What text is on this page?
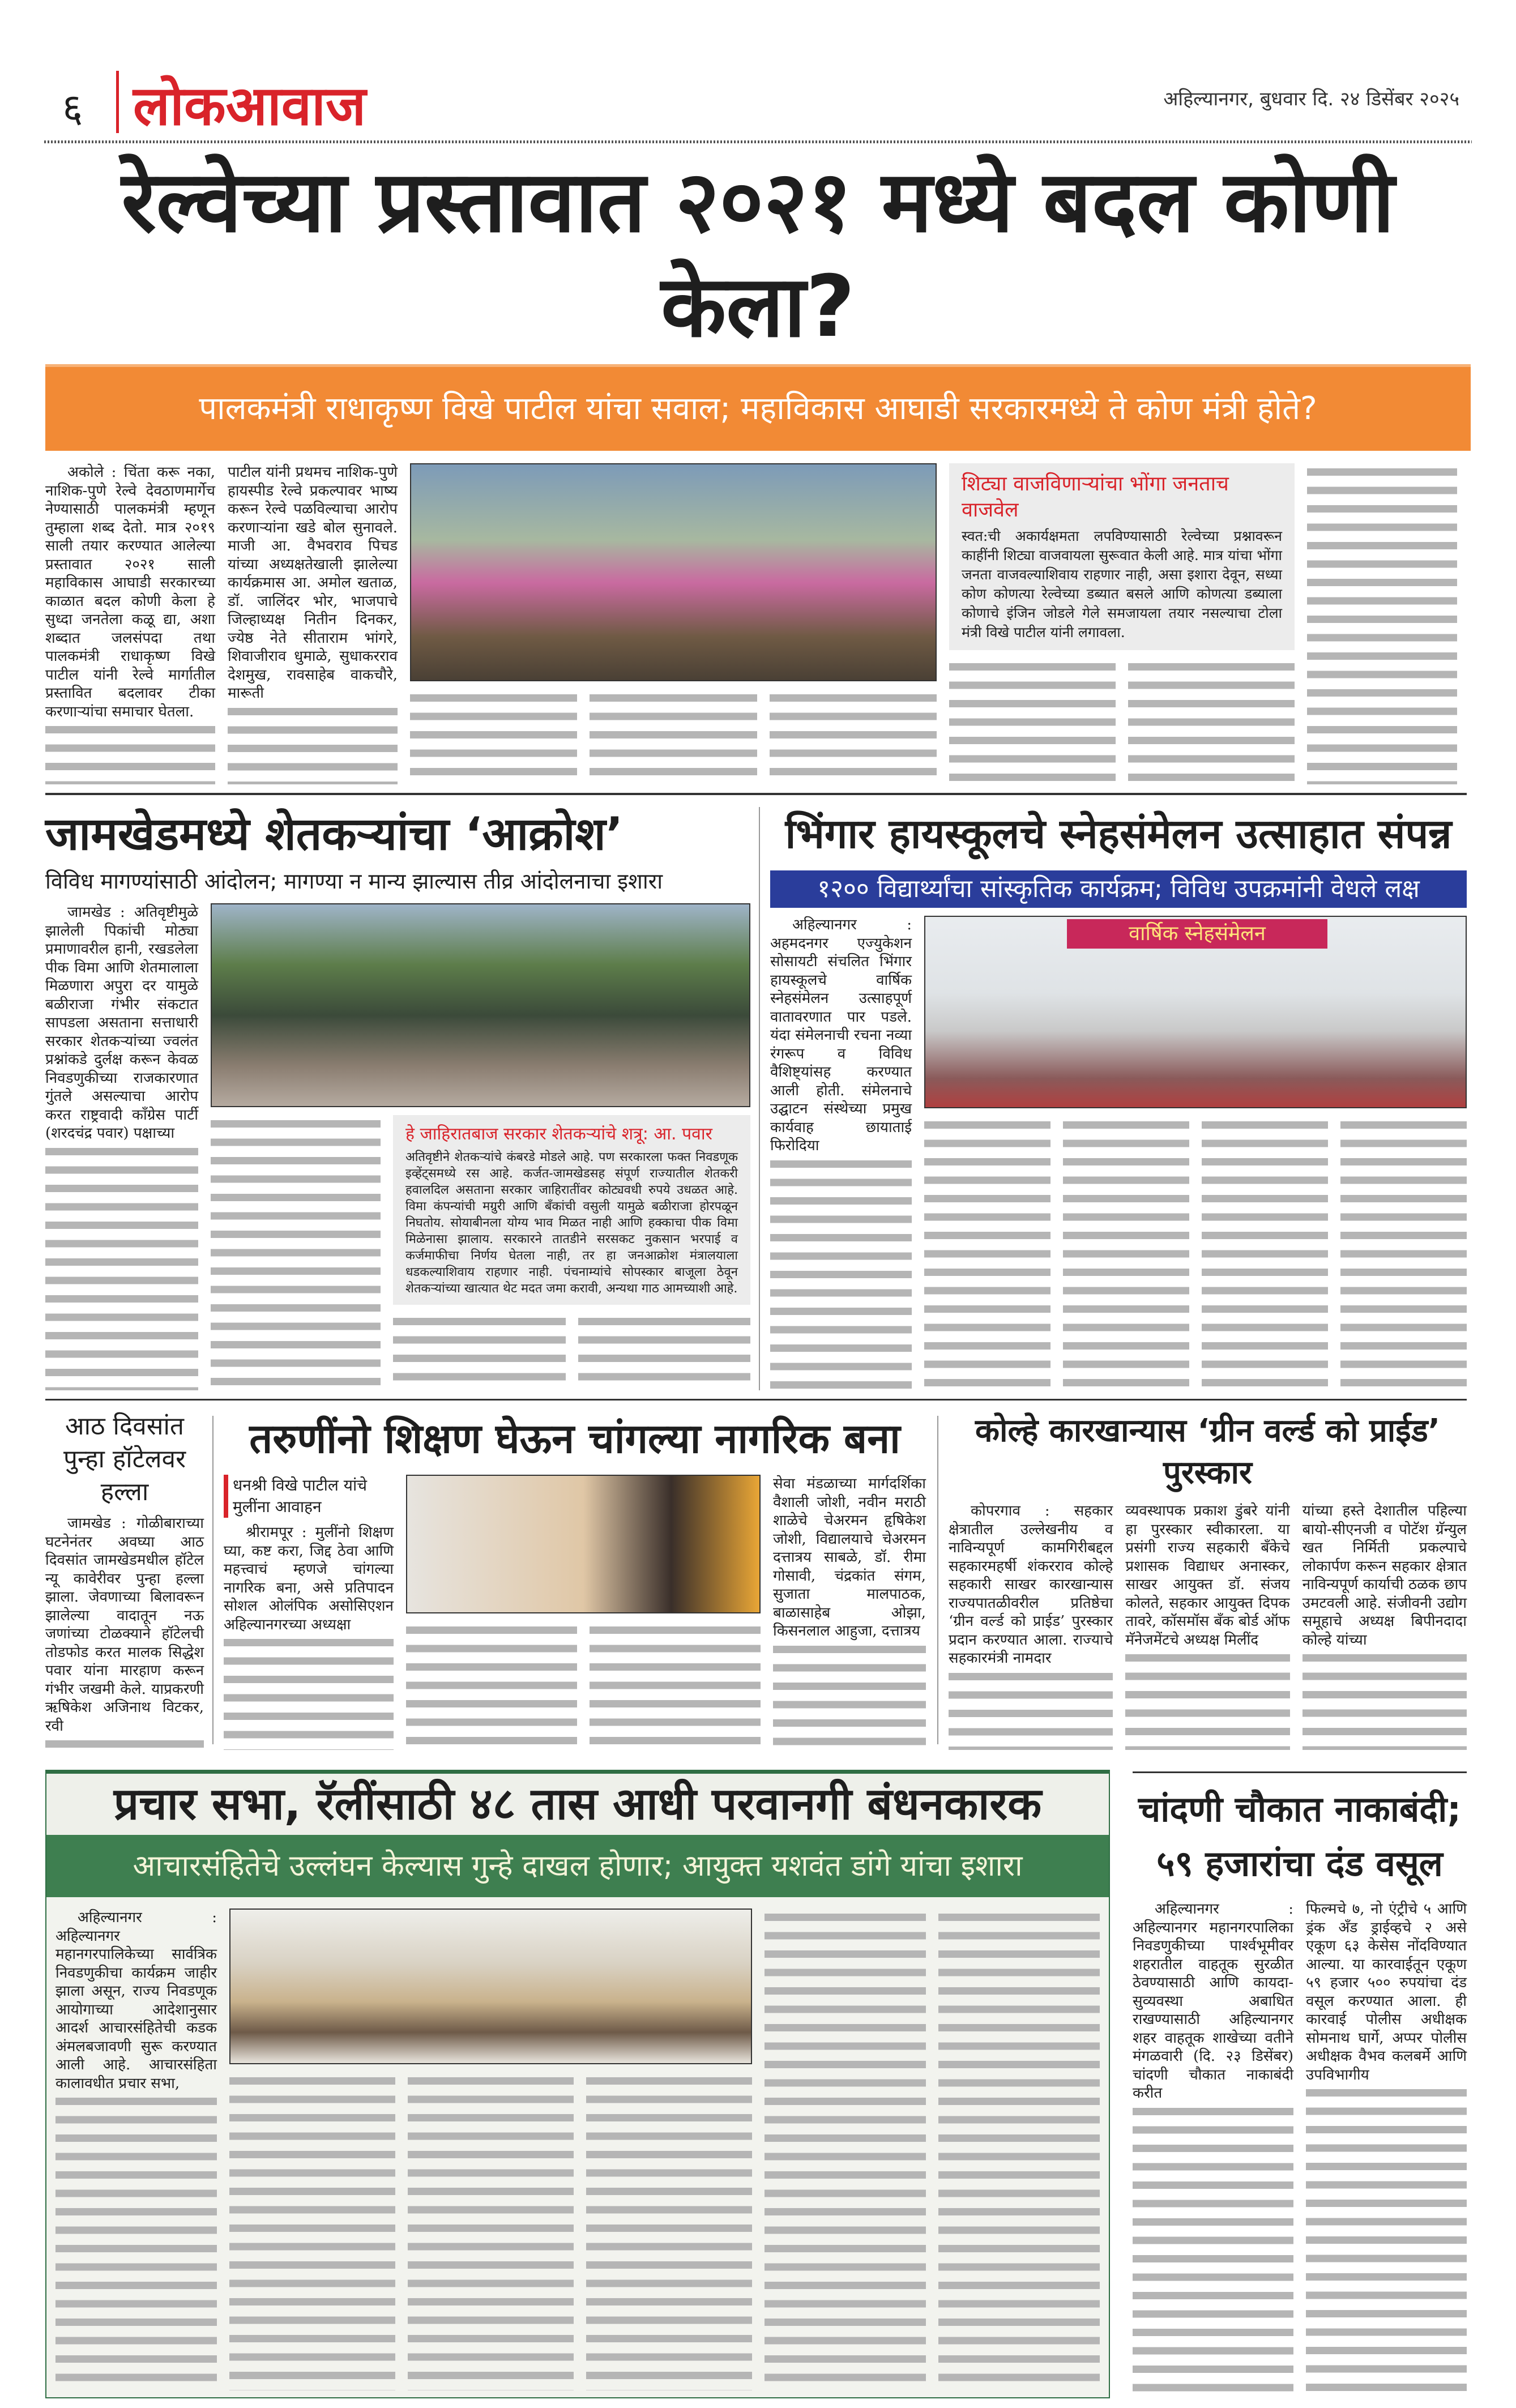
६ लोकआवाज	अहिल्यानगर, बुधवार दि. २४ डिसेंबर २०२५
रेल्वेच्या प्रस्तावात २०२१ मध्ये बदल कोणी केला?
पालकमंत्री राधाकृष्ण विखे पाटील यांचा सवाल; महाविकास आघाडी सरकारमध्ये ते कोण मंत्री होते?

अकोले : चिंता करू नका, नाशिक-पुणे रेल्वे देवठाणमार्गेच नेण्यासाठी पालकमंत्री म्हणून तुम्हाला शब्द देतो. मात्र २०१९ साली तयार करण्यात आलेल्या प्रस्तावात २०२१ साली महाविकास आघाडी सरकारच्या काळात बदल कोणी केला हे सुध्दा जनतेला कळू द्या, अशा शब्दात जलसंपदा तथा पालकमंत्री राधाकृष्ण विखे पाटील यांनी रेल्वे मार्गातील प्रस्तावित बदलावर टीका करणाऱ्यांचा समाचार घेतला.

पाटील यांनी प्रथमच नाशिक-पुणे हायस्पीड रेल्वे प्रकल्पावर भाष्य करून रेल्वे पळविल्याचा आरोप करणाऱ्यांना खडे बोल सुनावले. माजी आ. वैभवराव पिचड यांच्या अध्यक्षतेखाली झालेल्या कार्यक्रमास आ. अमोल खताळ, डॉ. जालिंदर भोर, भाजपाचे जिल्हाध्यक्ष नितीन दिनकर, ज्येष्ठ नेते सीताराम भांगरे, शिवाजीराव धुमाळे, सुधाकरराव देशमुख, रावसाहेब वाकचौरे, मारूती

शिट्या वाजविणाऱ्यांचा भोंगा जनताच वाजवेल
स्वत:ची अकार्यक्षमता लपविण्यासाठी रेल्वेच्या प्रश्नावरून काहींनी शिट्या वाजवायला सुरूवात केली आहे. मात्र यांचा भोंगा जनता वाजवल्याशिवाय राहणार नाही, असा इशारा देवून, सध्या कोण कोणत्या रेल्वेच्या डब्यात बसले आणि कोणत्या डब्याला कोणाचे इंजिन जोडले गेले समजायला तयार नसल्याचा टोला मंत्री विखे पाटील यांनी लगावला.
जामखेडमध्ये शेतकऱ्यांचा ‘आक्रोश’
विविध मागण्यांसाठी आंदोलन; मागण्या न मान्य झाल्यास तीव्र आंदोलनाचा इशारा

जामखेड : अतिवृष्टीमुळे झालेली पिकांची मोठ्या प्रमाणावरील हानी, रखडलेला पीक विमा आणि शेतमालाला मिळणारा अपुरा दर यामुळे बळीराजा गंभीर संकटात सापडला असताना सत्ताधारी सरकार शेतकऱ्यांच्या ज्वलंत प्रश्नांकडे दुर्लक्ष करून केवळ निवडणुकीच्या राजकारणात गुंतले असल्याचा आरोप करत राष्ट्रवादी काँग्रेस पार्टी (शरदचंद्र पवार) पक्षाच्या	हे जाहिरातबाज सरकार शेतकऱ्यांचे शत्रू: आ. पवार
अतिवृष्टीने शेतकऱ्यांचे कंबरडे मोडले आहे. पण सरकारला फक्त निवडणूक इव्हेंट्समध्ये रस आहे. कर्जत-जामखेडसह संपूर्ण राज्यातील शेतकरी हवालदिल असताना सरकार जाहिरातींवर कोट्यवधी रुपये उधळत आहे. विमा कंपन्यांची मग्रुरी आणि बँकांची वसुली यामुळे बळीराजा होरपळून निघतोय. सोयाबीनला योग्य भाव मिळत नाही आणि हक्काचा पीक विमा मिळेनासा झालाय. सरकारने तातडीने सरसकट नुकसान भरपाई व कर्जमाफीचा निर्णय घेतला नाही, तर हा जनआक्रोश मंत्रालयाला धडकल्याशिवाय राहणार नाही. पंचनाम्यांचे सोपस्कार बाजूला ठेवून शेतकऱ्यांच्या खात्यात थेट मदत जमा करावी, अन्यथा गाठ आमच्याशी आहे.
भिंगार हायस्कूलचे स्नेहसंमेलन उत्साहात संपन्न
१२०० विद्यार्थ्यांचा सांस्कृतिक कार्यक्रम; विविध उपक्रमांनी वेधले लक्ष

अहिल्यानगर : अहमदनगर एज्युकेशन सोसायटी संचलित भिंगार हायस्कूलचे वार्षिक स्नेहसंमेलन उत्साहपूर्ण वातावरणात पार पडले. यंदा संमेलनाची रचना नव्या रंगरूप व विविध वैशिष्ट्यांसह करण्यात आली होती. संमेलनाचे उद्घाटन संस्थेच्या प्रमुख कार्यवाह छायाताई फिरोदिया

वार्षिक स्नेहसंमेलन
आठ दिवसांत पुन्हा हॉटेलवर हल्ला

जामखेड : गोळीबाराच्या घटनेनंतर अवघ्या आठ दिवसांत जामखेडमधील हॉटेल न्यू कावेरीवर पुन्हा हल्ला झाला. जेवणाच्या बिलावरून झालेल्या वादातून नऊ जणांच्या टोळक्याने हॉटेलची तोडफोड करत मालक सिद्धेश पवार यांना मारहाण करून गंभीर जखमी केले. याप्रकरणी ऋषिकेश अजिनाथ विटकर, रवी

तरुणींनो शिक्षण घेऊन चांगल्या नागरिक बना
धनश्री विखे पाटील यांचे मुलींना आवाहन

श्रीरामपूर : मुलींनो शिक्षण घ्या, कष्ट करा, जिद्द ठेवा आणि महत्त्वाचं म्हणजे चांगल्या नागरिक बना, असे प्रतिपादन सोशल ओलंपिक असोसिएशन अहिल्यानगरच्या अध्यक्षा

सेवा मंडळाच्या मार्गदर्शिका वैशाली जोशी, नवीन मराठी शाळेचे चेअरमन हृषिकेश जोशी, विद्यालयाचे चेअरमन दत्तात्रय साबळे, डॉ. रीमा गोसावी, चंद्रकांत संगम, सुजाता मालपाठक, बाळासाहेब ओझा, किसनलाल आहुजा, दत्तात्रय

कोल्हे कारखान्यास ‘ग्रीन वर्ल्ड को प्राईड’ पुरस्कार

कोपरगाव : सहकार क्षेत्रातील उल्लेखनीय व नाविन्यपूर्ण कामगिरीबद्दल सहकारमहर्षी शंकरराव कोल्हे सहकारी साखर कारखान्यास राज्यपातळीवरील प्रतिष्ठेचा ‘ग्रीन वर्ल्ड को प्राईड’ पुरस्कार प्रदान करण्यात आला. राज्याचे सहकारमंत्री नामदार

व्यवस्थापक प्रकाश डुंबरे यांनी हा पुरस्कार स्वीकारला. या प्रसंगी राज्य सहकारी बँकेचे प्रशासक विद्याधर अनास्कर, साखर आयुक्त डॉ. संजय कोलते, सहकार आयुक्त दिपक तावरे, कॉसमॉस बँक बोर्ड ऑफ मॅनेजमेंटचे अध्यक्ष मिलींद

यांच्या हस्ते देशातील पहिल्या बायो-सीएनजी व पोटॅश ग्रॅन्युल खत निर्मिती प्रकल्पाचे लोकार्पण करून सहकार क्षेत्रात नाविन्यपूर्ण कार्याची ठळक छाप उमटवली आहे. संजीवनी उद्योग समूहाचे अध्यक्ष बिपीनदादा कोल्हे यांच्या

प्रचार सभा, रॅलींसाठी ४८ तास आधी परवानगी बंधनकारक
आचारसंहितेचे उल्लंघन केल्यास गुन्हे दाखल होणार; आयुक्त यशवंत डांगे यांचा इशारा

अहिल्यानगर : अहिल्यानगर महानगरपालिकेच्या सार्वत्रिक निवडणुकीचा कार्यक्रम जाहीर झाला असून, राज्य निवडणूक आयोगाच्या आदेशानुसार आदर्श आचारसंहितेची कडक अंमलबजावणी सुरू करण्यात आली आहे. आचारसंहिता कालावधीत प्रचार सभा,

चांदणी चौकात नाकाबंदी;
५९ हजारांचा दंड वसूल

अहिल्यानगर : अहिल्यानगर महानगरपालिका निवडणुकीच्या पार्श्वभूमीवर शहरातील वाहतूक सुरळीत ठेवण्यासाठी आणि कायदा-सुव्यवस्था अबाधित राखण्यासाठी अहिल्यानगर शहर वाहतूक शाखेच्या वतीने मंगळवारी (दि. २३ डिसेंबर) चांदणी चौकात नाकाबंदी करीत

फिल्मचे ७, नो एंट्रीचे ५ आणि ड्रंक अँड ड्राईव्हचे २ असे एकूण ६३ केसेस नोंदविण्यात आल्या. या कारवाईतून एकूण ५९ हजार ५०० रुपयांचा दंड वसूल करण्यात आला. ही कारवाई पोलीस अधीक्षक सोमनाथ घार्गे, अप्पर पोलीस अधीक्षक वैभव कलबर्मे आणि उपविभागीय
